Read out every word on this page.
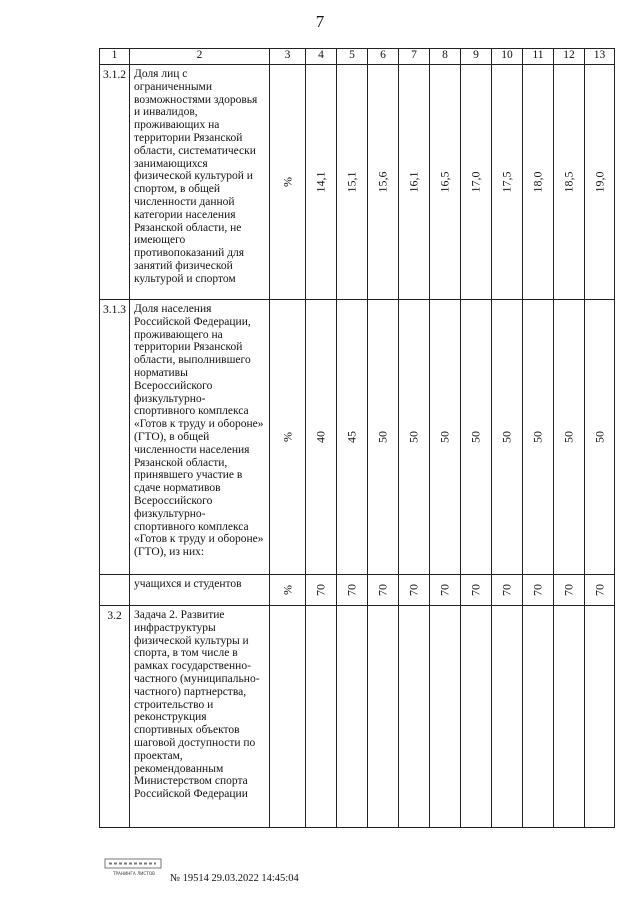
7
1	2	3	4	5	6	7	8	9	10	11	12	13
3.1.2	Доля лиц с ограниченными возможностями здоровья и инвалидов, проживающих на территории Рязанской области, систематически занимающихся физической культурой и спортом, в общей численности данной категории населения Рязанской области, не имеющего противопоказаний для занятий физической культурой и спортом	%	14,1	15,1	15,6	16,1	16,5	17,0	17,5	18,0	18,5	19,0

3.1.3	Доля населения Российской Федерации, проживающего на территории Рязанской области, выполнившего нормативы Всероссийского физкультурно-спортивного комплекса «Готов к труду и обороне» (ГТО), в общей численности населения Рязанской области, принявшего участие в сдаче нормативов Всероссийского физкультурно-спортивного комплекса «Готов к труду и обороне» (ГТО), из них:	%	40	45	50	50	50	50	50	50	50	50

	учащихся и студентов	%	70	70	70	70	70	70	70	70	70	70

3.2	Задача 2. Развитие инфраструктуры физической культуры и спорта, в том числе в рамках государственно-частного (муниципально-частного) партнерства, строительство и реконструкция спортивных объектов шаговой доступности по проектам, рекомендованным Министерством спорта Российской Федерации	

ТРАНИНГА ЛИСТОВ № 19514 29.03.2022 14:45:04
